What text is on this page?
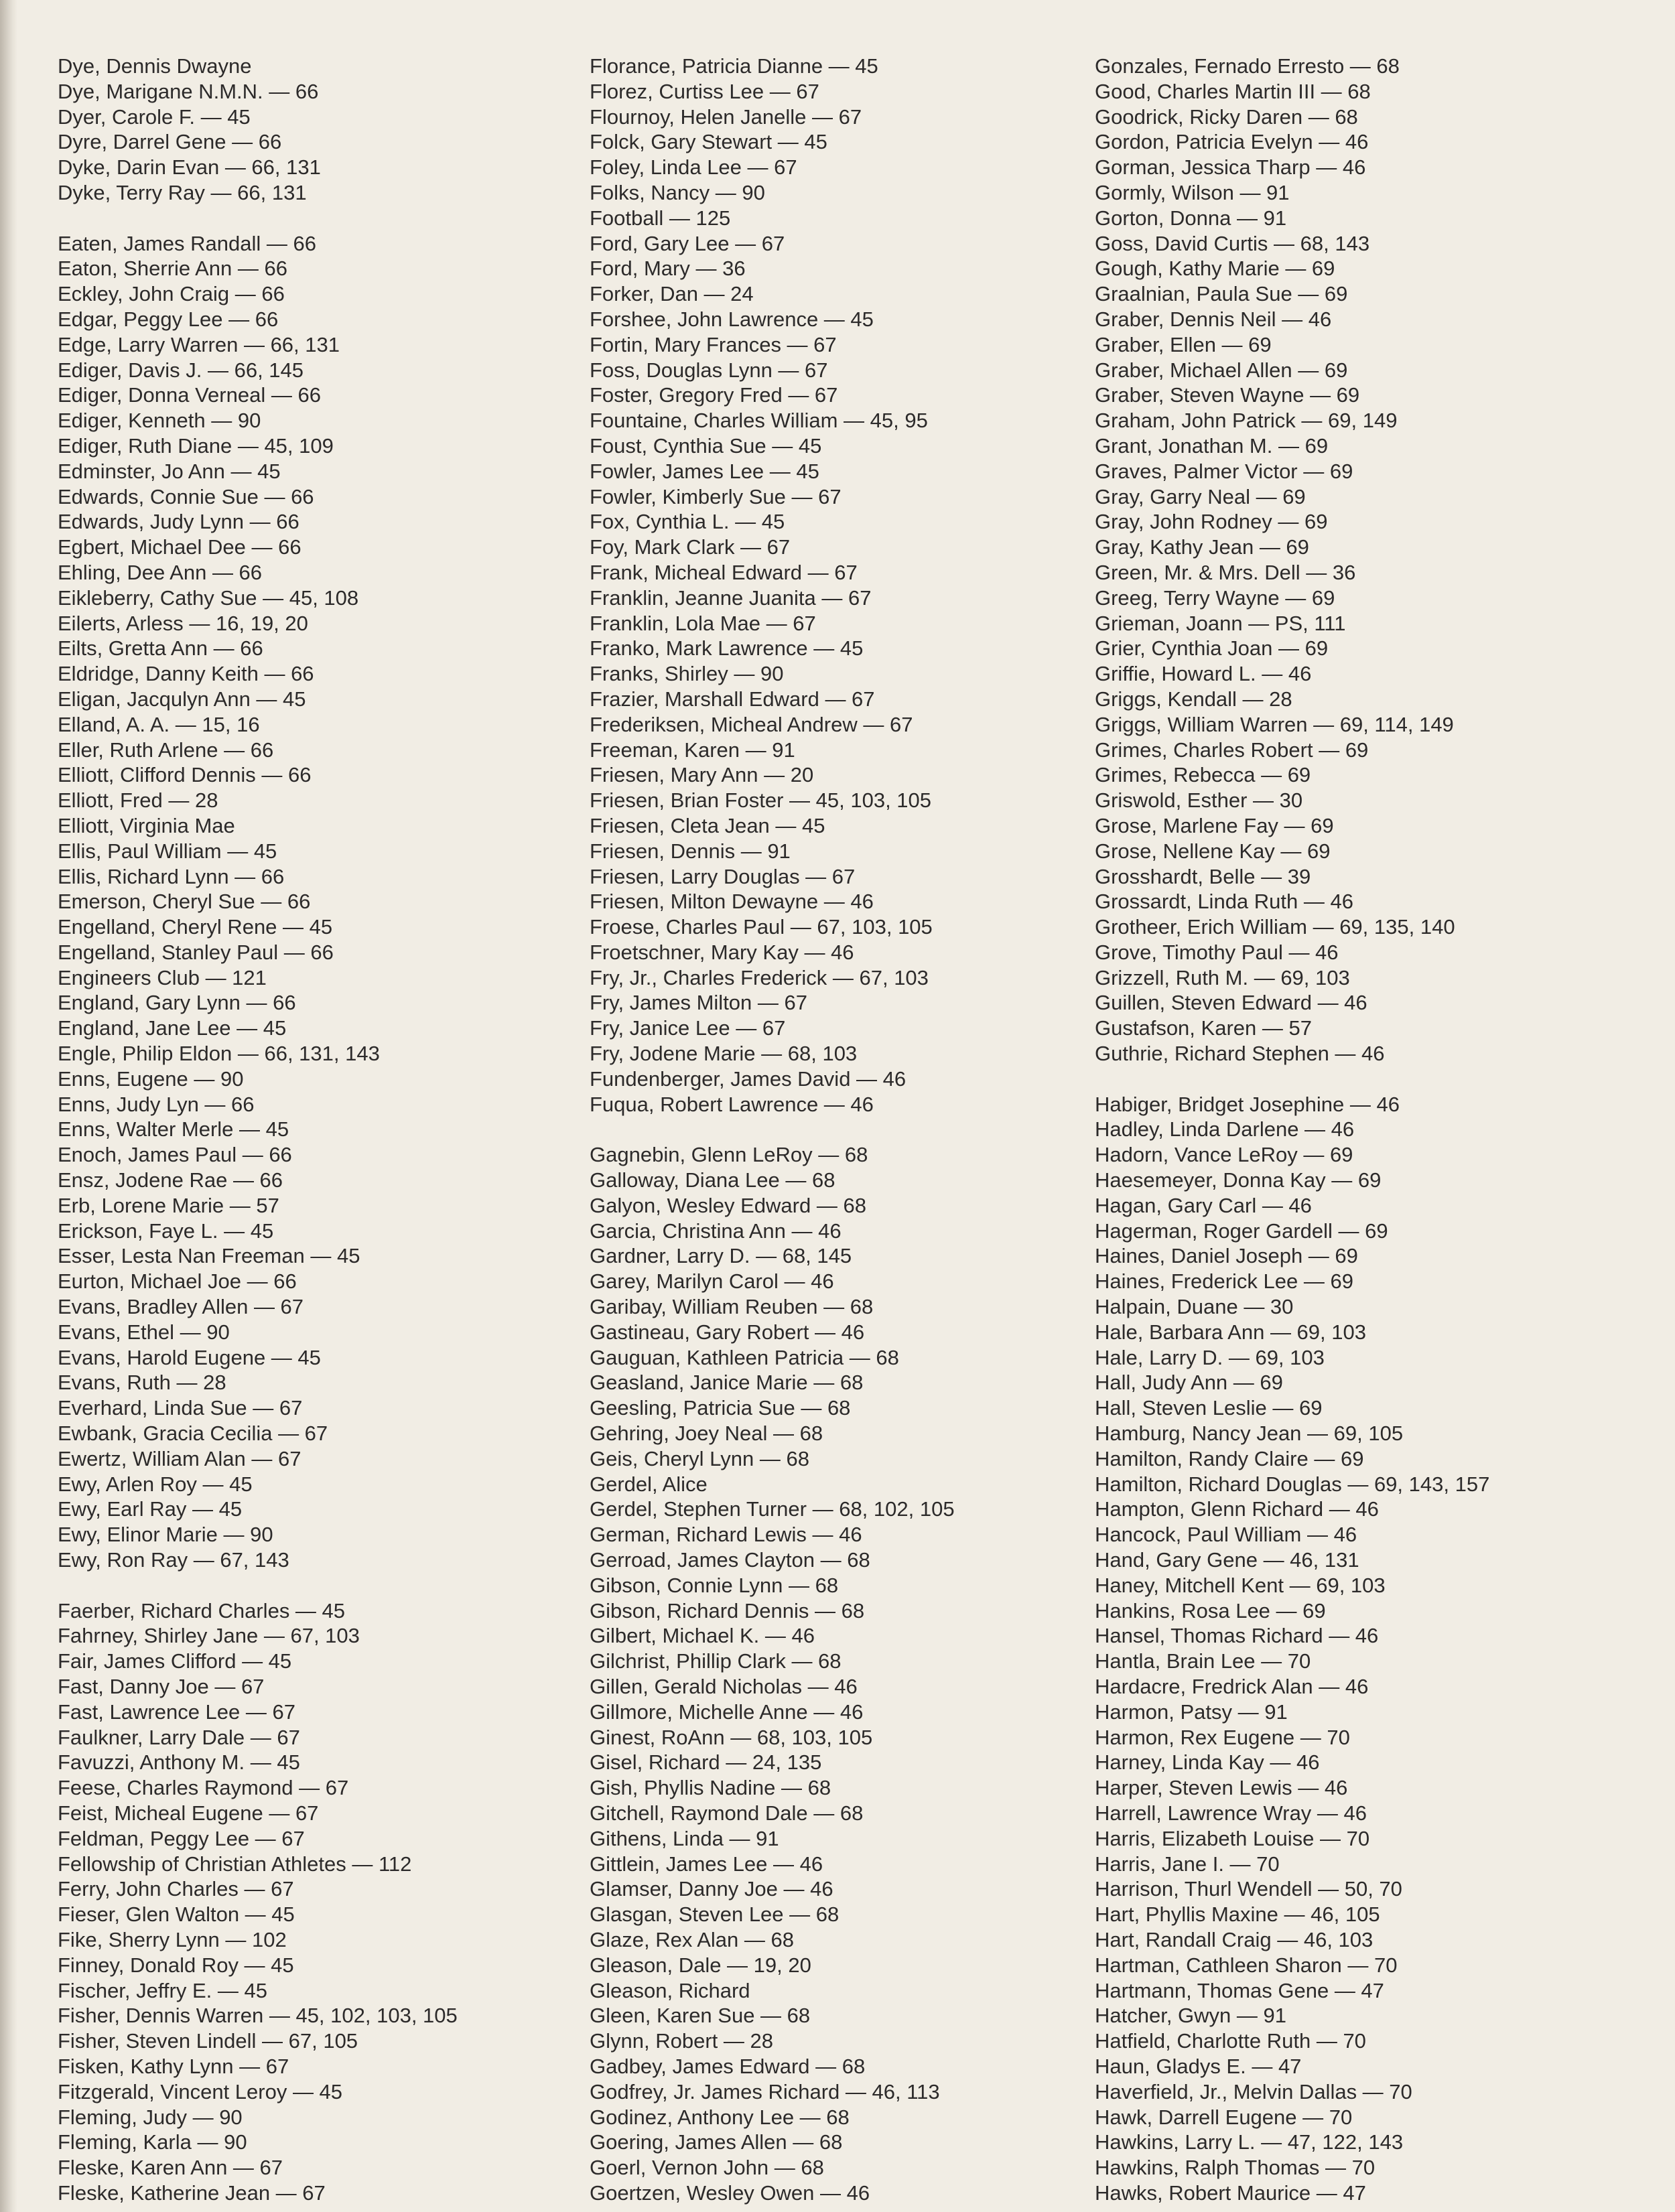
Dye, Dennis Dwayne
Dye, Marigane N.M.N. — 66
Dyer, Carole F. — 45
Dyre, Darrel Gene — 66
Dyke, Darin Evan — 66, 131
Dyke, Terry Ray — 66, 131
Eaten, James Randall — 66
Eaton, Sherrie Ann — 66
Eckley, John Craig — 66
Edgar, Peggy Lee — 66
Edge, Larry Warren — 66, 131
Ediger, Davis J. — 66, 145
Ediger, Donna Verneal — 66
Ediger, Kenneth — 90
Ediger, Ruth Diane — 45, 109
Edminster, Jo Ann — 45
Edwards, Connie Sue — 66
Edwards, Judy Lynn — 66
Egbert, Michael Dee — 66
Ehling, Dee Ann — 66
Eikleberry, Cathy Sue — 45, 108
Eilerts, Arless — 16, 19, 20
Eilts, Gretta Ann — 66
Eldridge, Danny Keith — 66
Eligan, Jacqulyn Ann — 45
Elland, A. A. — 15, 16
Eller, Ruth Arlene — 66
Elliott, Clifford Dennis — 66
Elliott, Fred — 28
Elliott, Virginia Mae
Ellis, Paul William — 45
Ellis, Richard Lynn — 66
Emerson, Cheryl Sue — 66
Engelland, Cheryl Rene — 45
Engelland, Stanley Paul — 66
Engineers Club — 121
England, Gary Lynn — 66
England, Jane Lee — 45
Engle, Philip Eldon — 66, 131, 143
Enns, Eugene — 90
Enns, Judy Lyn — 66
Enns, Walter Merle — 45
Enoch, James Paul — 66
Ensz, Jodene Rae — 66
Erb, Lorene Marie — 57
Erickson, Faye L. — 45
Esser, Lesta Nan Freeman — 45
Eurton, Michael Joe — 66
Evans, Bradley Allen — 67
Evans, Ethel — 90
Evans, Harold Eugene — 45
Evans, Ruth — 28
Everhard, Linda Sue — 67
Ewbank, Gracia Cecilia — 67
Ewertz, William Alan — 67
Ewy, Arlen Roy — 45
Ewy, Earl Ray — 45
Ewy, Elinor Marie — 90
Ewy, Ron Ray — 67, 143
Faerber, Richard Charles — 45
Fahrney, Shirley Jane — 67, 103
Fair, James Clifford — 45
Fast, Danny Joe — 67
Fast, Lawrence Lee — 67
Faulkner, Larry Dale — 67
Favuzzi, Anthony M. — 45
Feese, Charles Raymond — 67
Feist, Micheal Eugene — 67
Feldman, Peggy Lee — 67
Fellowship of Christian Athletes — 112
Ferry, John Charles — 67
Fieser, Glen Walton — 45
Fike, Sherry Lynn — 102
Finney, Donald Roy — 45
Fischer, Jeffry E. — 45
Fisher, Dennis Warren — 45, 102, 103, 105
Fisher, Steven Lindell — 67, 105
Fisken, Kathy Lynn — 67
Fitzgerald, Vincent Leroy — 45
Fleming, Judy — 90
Fleming, Karla — 90
Fleske, Karen Ann — 67
Fleske, Katherine Jean — 67
Florance, Patricia Dianne — 45
Florez, Curtiss Lee — 67
Flournoy, Helen Janelle — 67
Folck, Gary Stewart — 45
Foley, Linda Lee — 67
Folks, Nancy — 90
Football — 125
Ford, Gary Lee — 67
Ford, Mary — 36
Forker, Dan — 24
Forshee, John Lawrence — 45
Fortin, Mary Frances — 67
Foss, Douglas Lynn — 67
Foster, Gregory Fred — 67
Fountaine, Charles William — 45, 95
Foust, Cynthia Sue — 45
Fowler, James Lee — 45
Fowler, Kimberly Sue — 67
Fox, Cynthia L. — 45
Foy, Mark Clark — 67
Frank, Micheal Edward — 67
Franklin, Jeanne Juanita — 67
Franklin, Lola Mae — 67
Franko, Mark Lawrence — 45
Franks, Shirley — 90
Frazier, Marshall Edward — 67
Frederiksen, Micheal Andrew — 67
Freeman, Karen — 91
Friesen, Mary Ann — 20
Friesen, Brian Foster — 45, 103, 105
Friesen, Cleta Jean — 45
Friesen, Dennis — 91
Friesen, Larry Douglas — 67
Friesen, Milton Dewayne — 46
Froese, Charles Paul — 67, 103, 105
Froetschner, Mary Kay — 46
Fry, Jr., Charles Frederick — 67, 103
Fry, James Milton — 67
Fry, Janice Lee — 67
Fry, Jodene Marie — 68, 103
Fundenberger, James David — 46
Fuqua, Robert Lawrence — 46
Gagnebin, Glenn LeRoy — 68
Galloway, Diana Lee — 68
Galyon, Wesley Edward — 68
Garcia, Christina Ann — 46
Gardner, Larry D. — 68, 145
Garey, Marilyn Carol — 46
Garibay, William Reuben — 68
Gastineau, Gary Robert — 46
Gauguan, Kathleen Patricia — 68
Geasland, Janice Marie — 68
Geesling, Patricia Sue — 68
Gehring, Joey Neal — 68
Geis, Cheryl Lynn — 68
Gerdel, Alice
Gerdel, Stephen Turner — 68, 102, 105
German, Richard Lewis — 46
Gerroad, James Clayton — 68
Gibson, Connie Lynn — 68
Gibson, Richard Dennis — 68
Gilbert, Michael K. — 46
Gilchrist, Phillip Clark — 68
Gillen, Gerald Nicholas — 46
Gillmore, Michelle Anne — 46
Ginest, RoAnn — 68, 103, 105
Gisel, Richard — 24, 135
Gish, Phyllis Nadine — 68
Gitchell, Raymond Dale — 68
Githens, Linda — 91
Gittlein, James Lee — 46
Glamser, Danny Joe — 46
Glasgan, Steven Lee — 68
Glaze, Rex Alan — 68
Gleason, Dale — 19, 20
Gleason, Richard
Gleen, Karen Sue — 68
Glynn, Robert — 28
Gadbey, James Edward — 68
Godfrey, Jr. James Richard — 46, 113
Godinez, Anthony Lee — 68
Goering, James Allen — 68
Goerl, Vernon John — 68
Goertzen, Wesley Owen — 46
Gonzales, Fernado Erresto — 68
Good, Charles Martin III — 68
Goodrick, Ricky Daren — 68
Gordon, Patricia Evelyn — 46
Gorman, Jessica Tharp — 46
Gormly, Wilson — 91
Gorton, Donna — 91
Goss, David Curtis — 68, 143
Gough, Kathy Marie — 69
Graalnian, Paula Sue — 69
Graber, Dennis Neil — 46
Graber, Ellen — 69
Graber, Michael Allen — 69
Graber, Steven Wayne — 69
Graham, John Patrick — 69, 149
Grant, Jonathan M. — 69
Graves, Palmer Victor — 69
Gray, Garry Neal — 69
Gray, John Rodney — 69
Gray, Kathy Jean — 69
Green, Mr. & Mrs. Dell — 36
Greeg, Terry Wayne — 69
Grieman, Joann — PS, 111
Grier, Cynthia Joan — 69
Griffie, Howard L. — 46
Griggs, Kendall — 28
Griggs, William Warren — 69, 114, 149
Grimes, Charles Robert — 69
Grimes, Rebecca — 69
Griswold, Esther — 30
Grose, Marlene Fay — 69
Grose, Nellene Kay — 69
Grosshardt, Belle — 39
Grossardt, Linda Ruth — 46
Grotheer, Erich William — 69, 135, 140
Grove, Timothy Paul — 46
Grizzell, Ruth M. — 69, 103
Guillen, Steven Edward — 46
Gustafson, Karen — 57
Guthrie, Richard Stephen — 46
Habiger, Bridget Josephine — 46
Hadley, Linda Darlene — 46
Hadorn, Vance LeRoy — 69
Haesemeyer, Donna Kay — 69
Hagan, Gary Carl — 46
Hagerman, Roger Gardell — 69
Haines, Daniel Joseph — 69
Haines, Frederick Lee — 69
Halpain, Duane — 30
Hale, Barbara Ann — 69, 103
Hale, Larry D. — 69, 103
Hall, Judy Ann — 69
Hall, Steven Leslie — 69
Hamburg, Nancy Jean — 69, 105
Hamilton, Randy Claire — 69
Hamilton, Richard Douglas — 69, 143, 157
Hampton, Glenn Richard — 46
Hancock, Paul William — 46
Hand, Gary Gene — 46, 131
Haney, Mitchell Kent — 69, 103
Hankins, Rosa Lee — 69
Hansel, Thomas Richard — 46
Hantla, Brain Lee — 70
Hardacre, Fredrick Alan — 46
Harmon, Patsy — 91
Harmon, Rex Eugene — 70
Harney, Linda Kay — 46
Harper, Steven Lewis — 46
Harrell, Lawrence Wray — 46
Harris, Elizabeth Louise — 70
Harris, Jane I. — 70
Harrison, Thurl Wendell — 50, 70
Hart, Phyllis Maxine — 46, 105
Hart, Randall Craig — 46, 103
Hartman, Cathleen Sharon — 70
Hartmann, Thomas Gene — 47
Hatcher, Gwyn — 91
Hatfield, Charlotte Ruth — 70
Haun, Gladys E. — 47
Haverfield, Jr., Melvin Dallas — 70
Hawk, Darrell Eugene — 70
Hawkins, Larry L. — 47, 122, 143
Hawkins, Ralph Thomas — 70
Hawks, Robert Maurice — 47
